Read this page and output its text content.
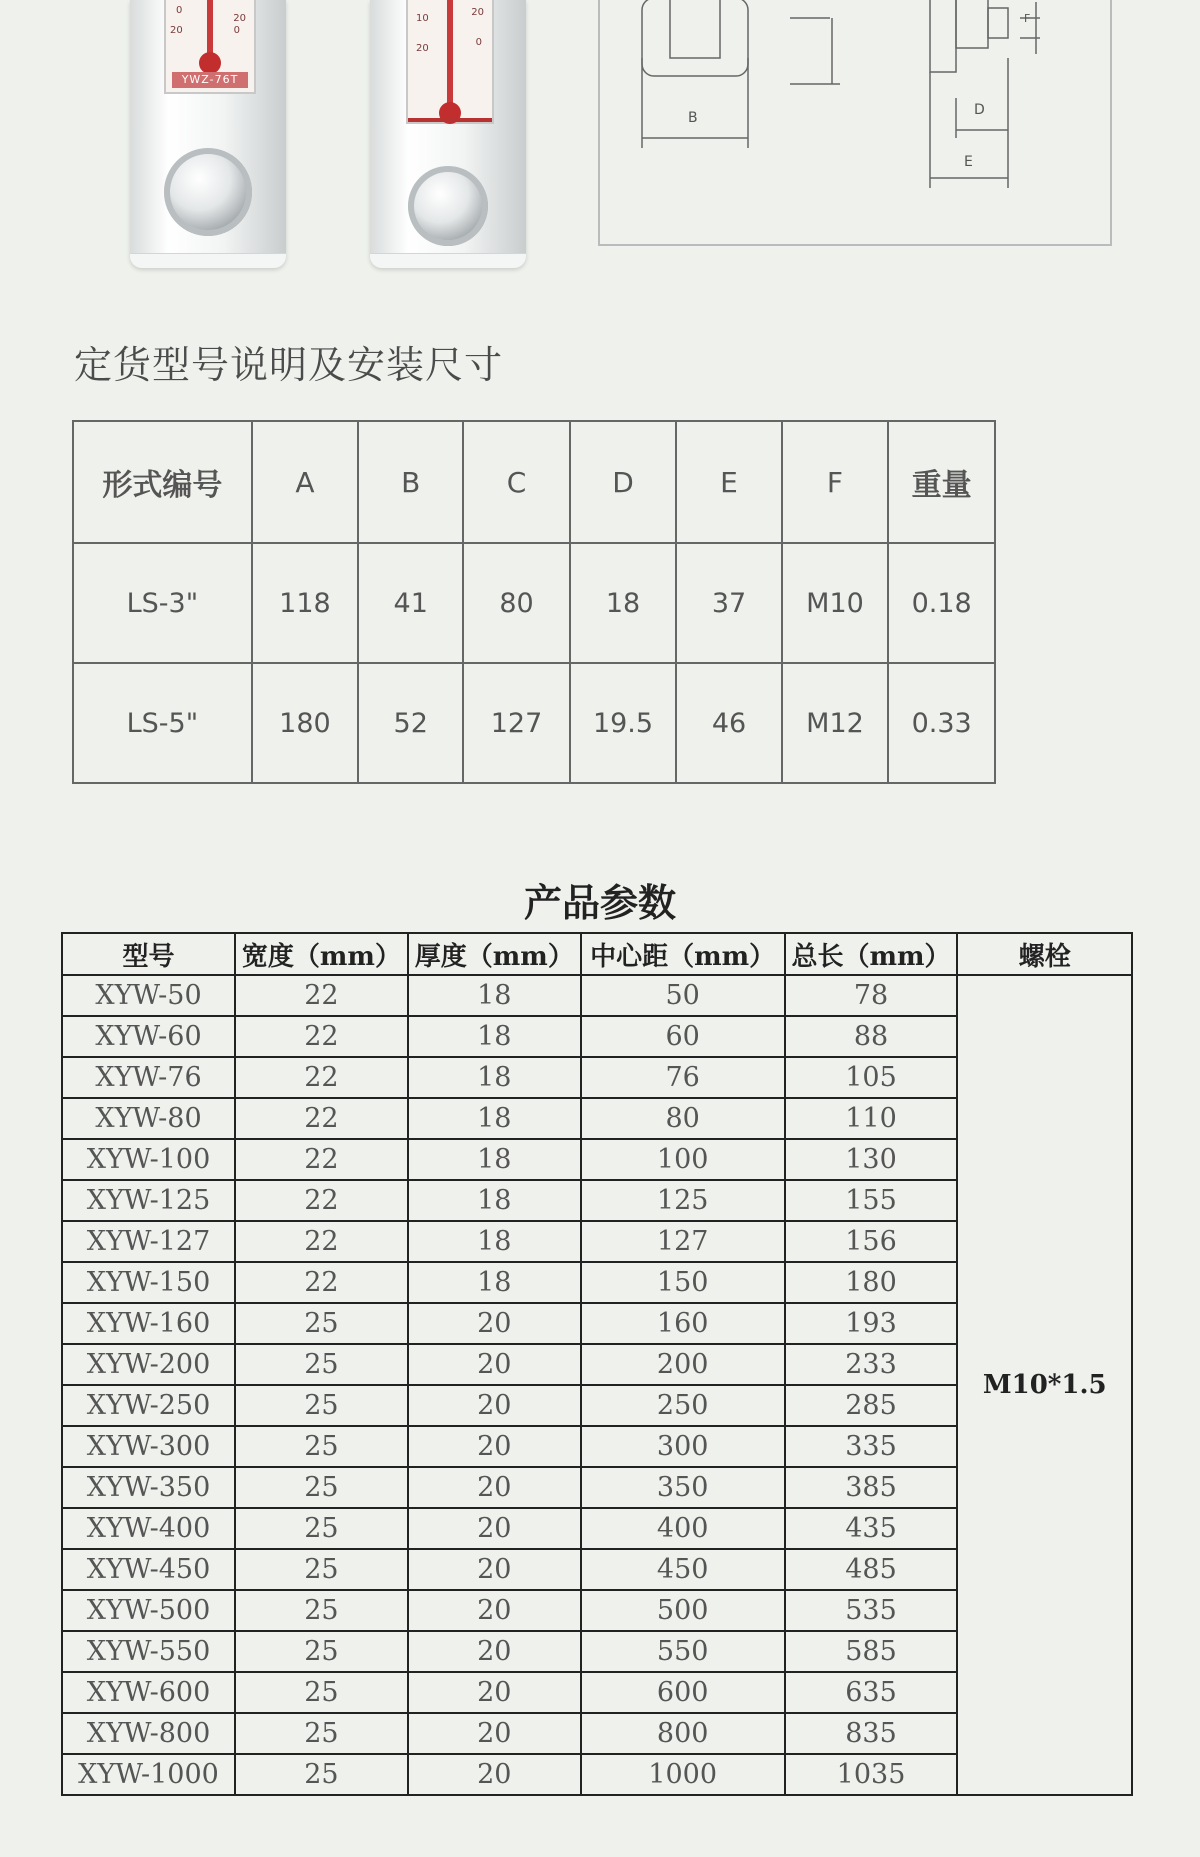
0
20
20
0
YWZ-76T
10
20
20
0
B	D
E
F
定货型号说明及安装尺寸
形式编号	A	B	C	D	E	F	重量
LS-3"	118	41	80	18	37	M10	0.18
LS-5"	180	52	127	19.5	46	M12	0.33
产品参数
型号	宽度（mm）	厚度（mm）	中心距（mm）	总长（mm）	螺栓
XYW-50	22	18	50	78	M10*1.5
XYW-60	22	18	60	88	
XYW-76	22	18	76	105	
XYW-80	22	18	80	110	
XYW-100	22	18	100	130	
XYW-125	22	18	125	155	
XYW-127	22	18	127	156	
XYW-150	22	18	150	180	
XYW-160	25	20	160	193	
XYW-200	25	20	200	233	
XYW-250	25	20	250	285	
XYW-300	25	20	300	335	
XYW-350	25	20	350	385	
XYW-400	25	20	400	435	
XYW-450	25	20	450	485	
XYW-500	25	20	500	535	
XYW-550	25	20	550	585	
XYW-600	25	20	600	635	
XYW-800	25	20	800	835	
XYW-1000	25	20	1000	1035	
